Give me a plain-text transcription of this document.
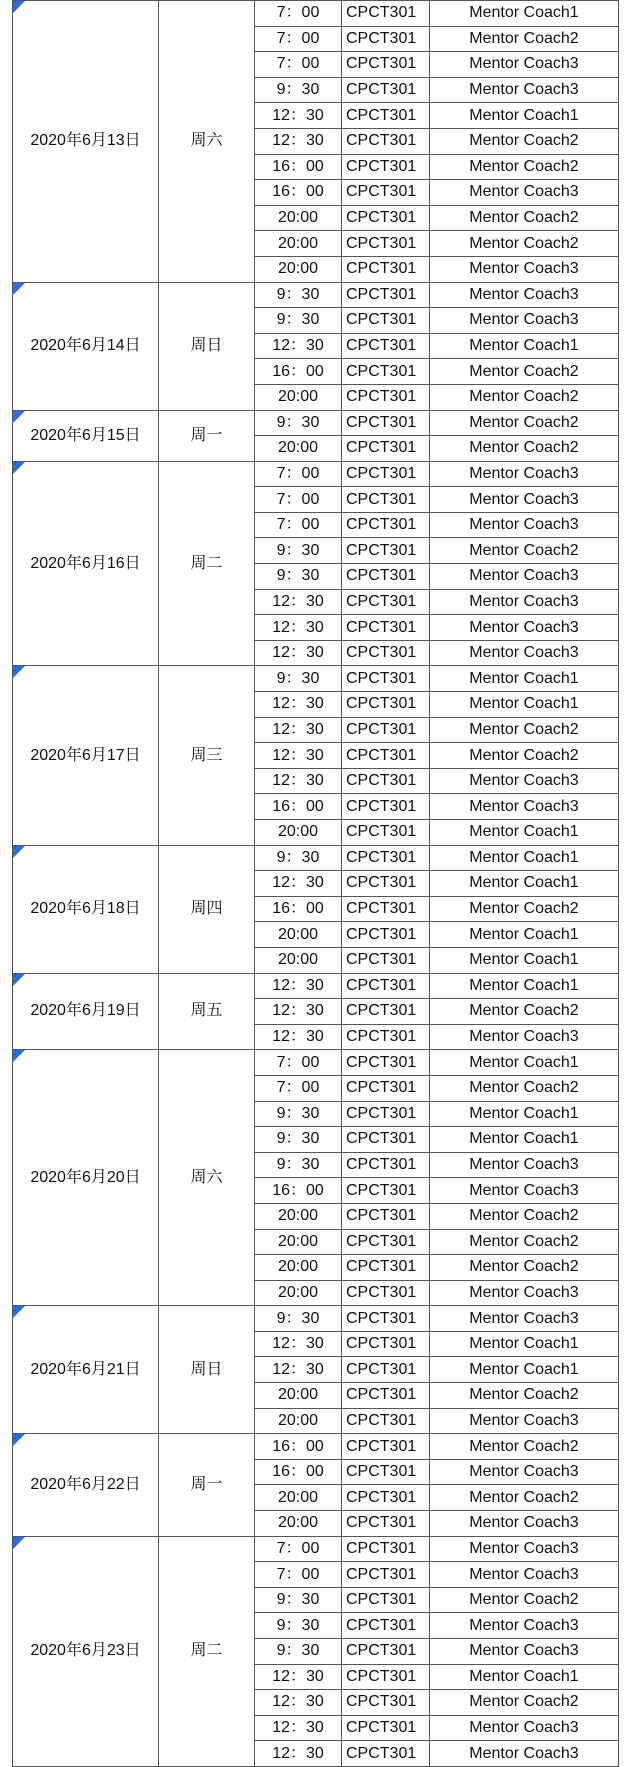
2020年6月13日	周六	7：00	CPCT301	Mentor Coach1
		7：00	CPCT301	Mentor Coach2
		7：00	CPCT301	Mentor Coach3
		9：30	CPCT301	Mentor Coach3
		12：30	CPCT301	Mentor Coach1
		12：30	CPCT301	Mentor Coach2
		16：00	CPCT301	Mentor Coach2
		16：00	CPCT301	Mentor Coach3
		20:00	CPCT301	Mentor Coach2
		20:00	CPCT301	Mentor Coach2
		20:00	CPCT301	Mentor Coach3

2020年6月14日	周日	9：30	CPCT301	Mentor Coach3
		9：30	CPCT301	Mentor Coach3
		12：30	CPCT301	Mentor Coach1
		16：00	CPCT301	Mentor Coach2
		20:00	CPCT301	Mentor Coach2

2020年6月15日	周一	9：30	CPCT301	Mentor Coach2
		20:00	CPCT301	Mentor Coach2

2020年6月16日	周二	7：00	CPCT301	Mentor Coach3
		7：00	CPCT301	Mentor Coach3
		7：00	CPCT301	Mentor Coach3
		9：30	CPCT301	Mentor Coach2
		9：30	CPCT301	Mentor Coach3
		12：30	CPCT301	Mentor Coach3
		12：30	CPCT301	Mentor Coach3
		12：30	CPCT301	Mentor Coach3

2020年6月17日	周三	9：30	CPCT301	Mentor Coach1
		12：30	CPCT301	Mentor Coach1
		12：30	CPCT301	Mentor Coach2
		12：30	CPCT301	Mentor Coach2
		12：30	CPCT301	Mentor Coach3
		16：00	CPCT301	Mentor Coach3
		20:00	CPCT301	Mentor Coach1

2020年6月18日	周四	9：30	CPCT301	Mentor Coach1
		12：30	CPCT301	Mentor Coach1
		16：00	CPCT301	Mentor Coach2
		20:00	CPCT301	Mentor Coach1
		20:00	CPCT301	Mentor Coach1

2020年6月19日	周五	12：30	CPCT301	Mentor Coach1
		12：30	CPCT301	Mentor Coach2
		12：30	CPCT301	Mentor Coach3

2020年6月20日	周六	7：00	CPCT301	Mentor Coach1
		7：00	CPCT301	Mentor Coach2
		9：30	CPCT301	Mentor Coach1
		9：30	CPCT301	Mentor Coach1
		9：30	CPCT301	Mentor Coach3
		16：00	CPCT301	Mentor Coach3
		20:00	CPCT301	Mentor Coach2
		20:00	CPCT301	Mentor Coach2
		20:00	CPCT301	Mentor Coach2
		20:00	CPCT301	Mentor Coach3

2020年6月21日	周日	9：30	CPCT301	Mentor Coach3
		12：30	CPCT301	Mentor Coach1
		12：30	CPCT301	Mentor Coach1
		20:00	CPCT301	Mentor Coach2
		20:00	CPCT301	Mentor Coach3

2020年6月22日	周一	16：00	CPCT301	Mentor Coach2
		16：00	CPCT301	Mentor Coach3
		20:00	CPCT301	Mentor Coach2
		20:00	CPCT301	Mentor Coach3

2020年6月23日	周二	7：00	CPCT301	Mentor Coach3
		7：00	CPCT301	Mentor Coach3
		9：30	CPCT301	Mentor Coach2
		9：30	CPCT301	Mentor Coach3
		9：30	CPCT301	Mentor Coach3
		12：30	CPCT301	Mentor Coach1
		12：30	CPCT301	Mentor Coach2
		12：30	CPCT301	Mentor Coach3
		12：30	CPCT301	Mentor Coach3
